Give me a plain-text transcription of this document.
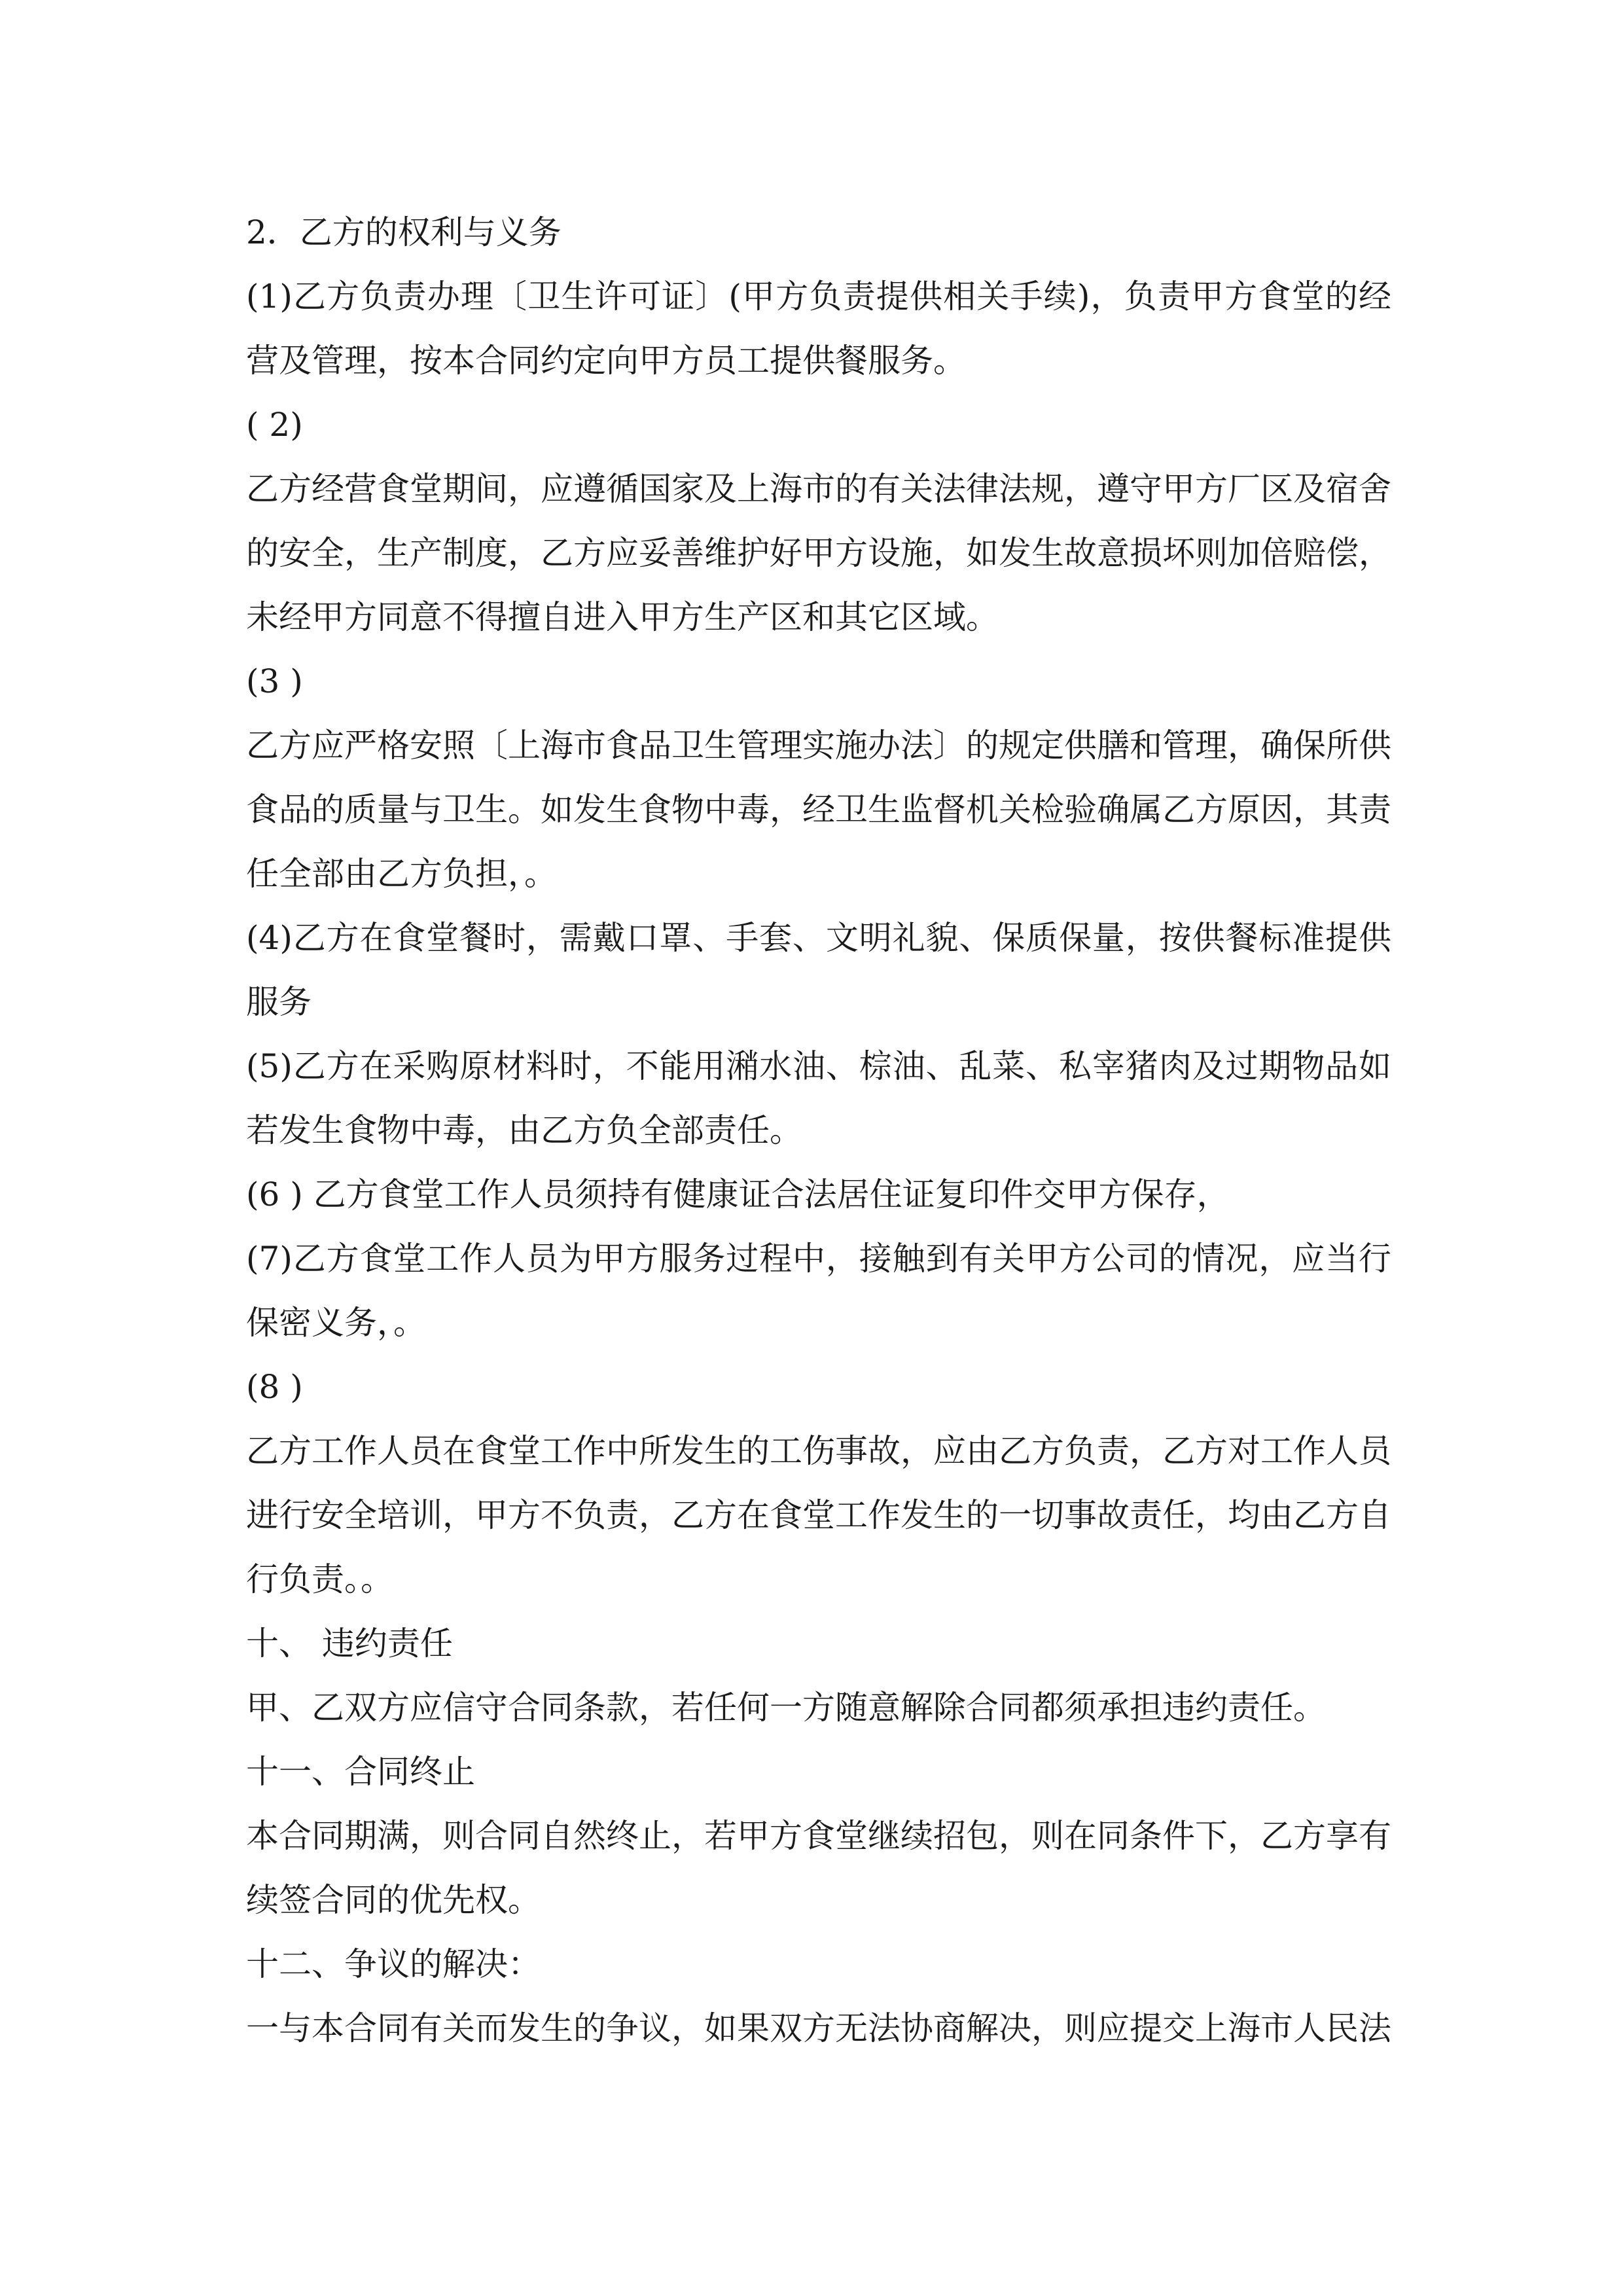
2．乙方的权利与义务
(1)乙方负责办理〔卫生许可证〕(甲方负责提供相关手续)，负责甲方食堂的经
营及管理，按本合同约定向甲方员工提供餐服务。
( 2)
乙方经营食堂期间，应遵循国家及上海市的有关法律法规，遵守甲方厂区及宿舍
的安全，生产制度，乙方应妥善维护好甲方设施，如发生故意损坏则加倍赔偿，
未经甲方同意不得擅自进入甲方生产区和其它区域。
(3 )
乙方应严格安照〔上海市食品卫生管理实施办法〕的规定供膳和管理，确保所供
食品的质量与卫生。如发生食物中毒，经卫生监督机关检验确属乙方原因，其责
任全部由乙方负担，。
(4)乙方在食堂餐时，需戴口罩、手套、文明礼貌、保质保量，按供餐标准提供
服务
(5)乙方在采购原材料时，不能用潲水油、棕油、乱菜、私宰猪肉及过期物品如
若发生食物中毒，由乙方负全部责任。
(6 ) 乙方食堂工作人员须持有健康证合法居住证复印件交甲方保存，
(7)乙方食堂工作人员为甲方服务过程中，接触到有关甲方公司的情况，应当行
保密义务，。
(8 )
乙方工作人员在食堂工作中所发生的工伤事故，应由乙方负责，乙方对工作人员
进行安全培训，甲方不负责，乙方在食堂工作发生的一切事故责任，均由乙方自
行负责。。
十、 违约责任
甲、乙双方应信守合同条款，若任何一方随意解除合同都须承担违约责任。
十一、合同终止
本合同期满，则合同自然终止，若甲方食堂继续招包，则在同条件下，乙方享有
续签合同的优先权。
十二、争议的解决：
一与本合同有关而发生的争议，如果双方无法协商解决，则应提交上海市人民法
